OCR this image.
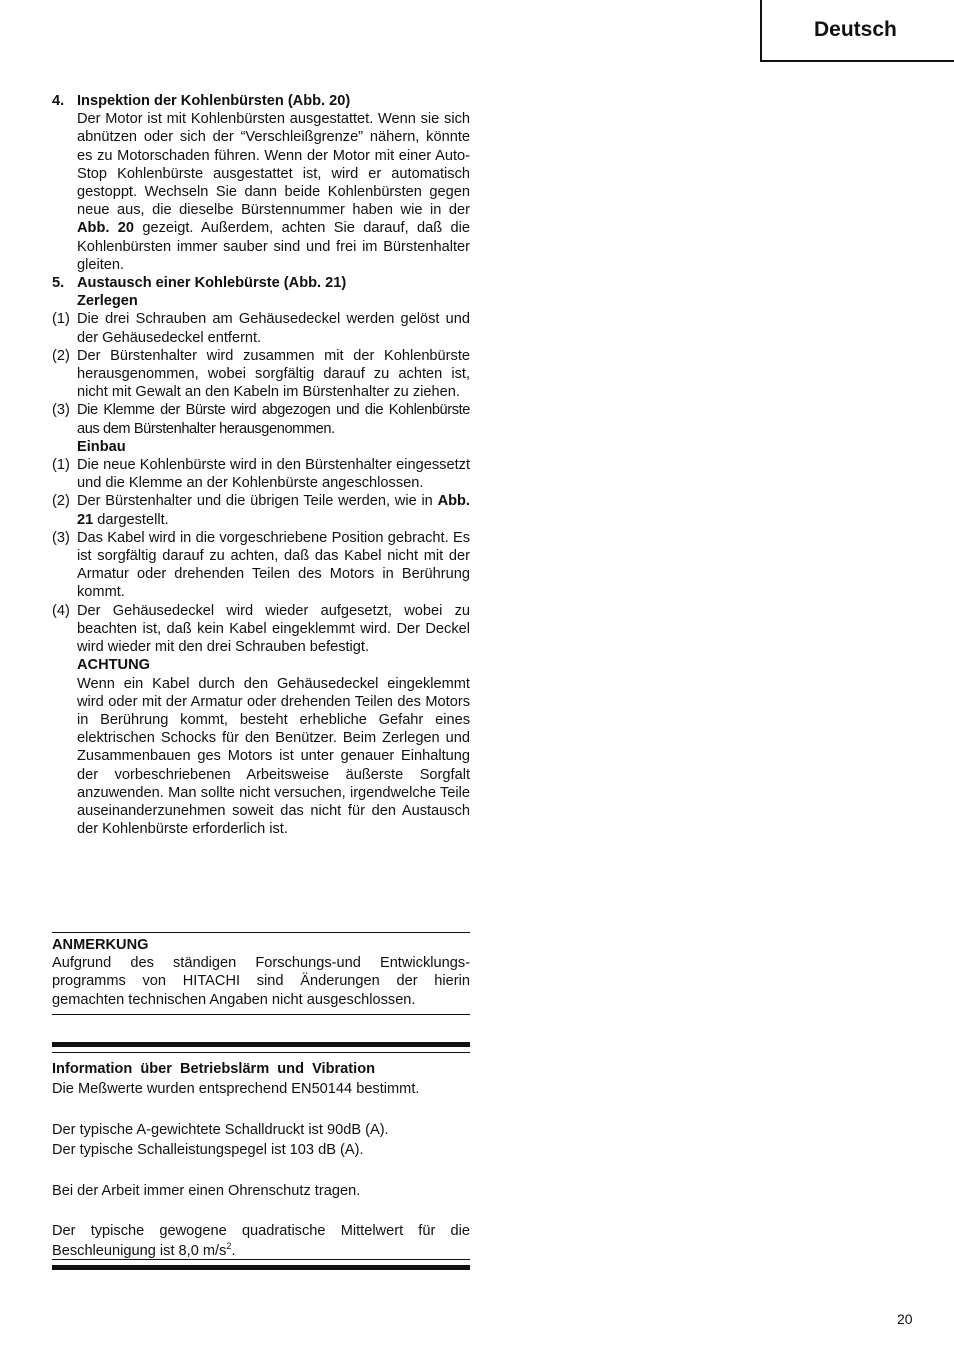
Deutsch
4. Inspektion der Kohlenbürsten (Abb. 20)
Der Motor ist mit Kohlenbürsten ausgestattet. Wenn sie sich abnützen oder sich der “Verschleißgrenze” nähern, könnte es zu Motorschaden führen. Wenn der Motor mit einer Auto-Stop Kohlenbürste ausgestattet ist, wird er automatisch gestoppt. Wechseln Sie dann beide Kohlenbürsten gegen neue aus, die dieselbe Bürstennummer haben wie in der Abb. 20 gezeigt. Außerdem, achten Sie darauf, daß die Kohlenbürsten immer sauber sind und frei im Bürstenhalter gleiten.
5. Austausch einer Kohlebürste (Abb. 21)
Zerlegen
(1) Die drei Schrauben am Gehäusedeckel werden gelöst und der Gehäusedeckel entfernt.
(2) Der Bürstenhalter wird zusammen mit der Kohlenbürste herausgenommen, wobei sorgfältig darauf zu achten ist, nicht mit Gewalt an den Kabeln im Bürstenhalter zu ziehen.
(3) Die Klemme der Bürste wird abgezogen und die Kohlenbürste aus dem Bürstenhalter herausgenommen.
Einbau
(1) Die neue Kohlenbürste wird in den Bürstenhalter eingessetzt und die Klemme an der Kohlenbürste angeschlossen.
(2) Der Bürstenhalter und die übrigen Teile werden, wie in Abb. 21 dargestellt.
(3) Das Kabel wird in die vorgeschriebene Position gebracht. Es ist sorgfältig darauf zu achten, daß das Kabel nicht mit der Armatur oder drehenden Teilen des Motors in Berührung kommt.
(4) Der Gehäusedeckel wird wieder aufgesetzt, wobei zu beachten ist, daß kein Kabel eingeklemmt wird. Der Deckel wird wieder mit den drei Schrauben befestigt.
ACHTUNG
Wenn ein Kabel durch den Gehäusedeckel eingeklemmt wird oder mit der Armatur oder drehenden Teilen des Motors in Berührung kommt, besteht erhebliche Gefahr eines elektrischen Schocks für den Benützer. Beim Zerlegen und Zusammenbauen ges Motors ist unter genauer Einhaltung der vorbeschriebenen Arbeitsweise äußerste Sorgfalt anzuwenden. Man sollte nicht versuchen, irgendwelche Teile auseinanderzunehmen soweit das nicht für den Austausch der Kohlenbürste erforderlich ist.

ANMERKUNG

Aufgrund des ständigen Forschungs-und Entwicklungs-programms von HITACHI sind Änderungen der hierin gemachten technischen Angaben nicht ausgeschlossen.

Information über Betriebslärm und Vibration

Die Meßwerte wurden entsprechend EN50144 bestimmt.

Der typische A-gewichtete Schalldruckt ist 90dB (A).

Der typische Schalleistungspegel ist 103 dB (A).

Bei der Arbeit immer einen Ohrenschutz tragen.

Der typische gewogene quadratische Mittelwert für die Beschleunigung ist 8,0 $m/s^2$.

20
